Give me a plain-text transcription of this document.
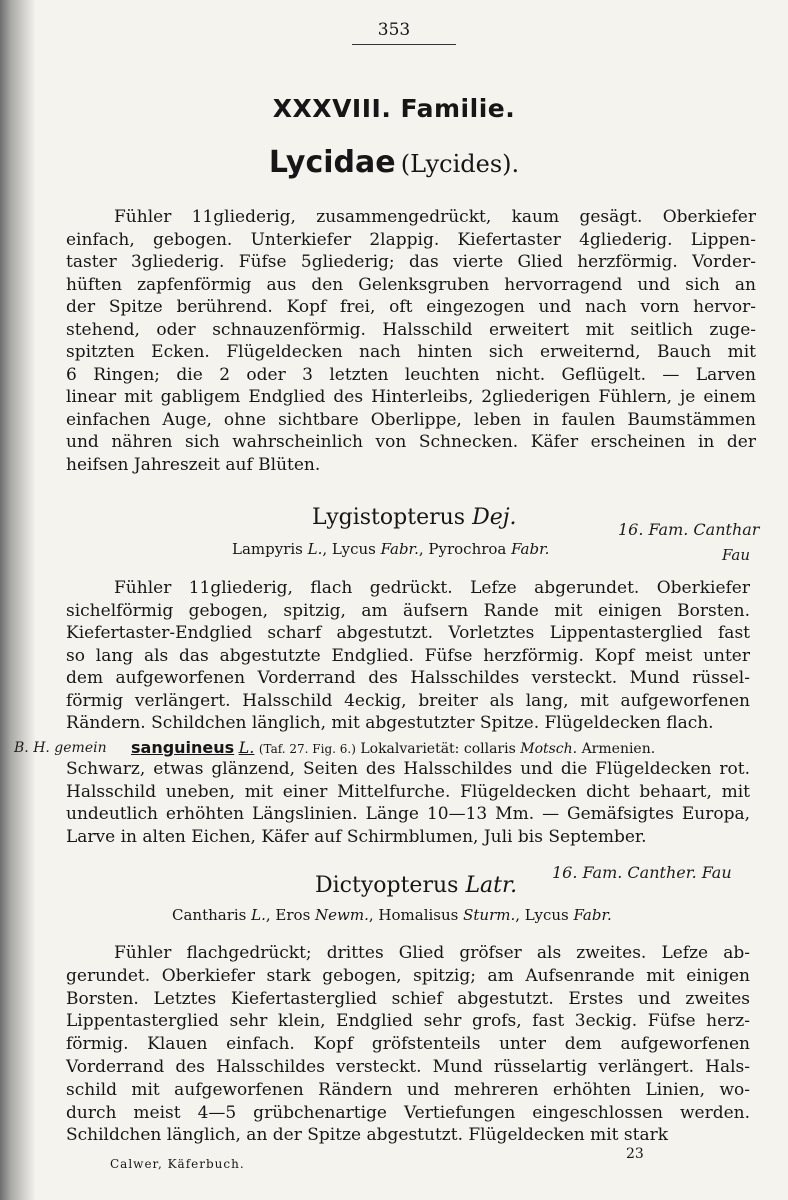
353
XXXVIII. Familie.
Lycidae (Lycides).
Fühler 11gliederig, zusammengedrückt, kaum gesägt. Oberkiefer
einfach, gebogen. Unterkiefer 2lappig. Kiefertaster 4gliederig. Lippen-
taster 3gliederig. Füfse 5gliederig; das vierte Glied herzförmig. Vorder-
hüften zapfenförmig aus den Gelenksgruben hervorragend und sich an
der Spitze berührend. Kopf frei, oft eingezogen und nach vorn hervor-
stehend, oder schnauzenförmig. Halsschild erweitert mit seitlich zuge-
spitzten Ecken. Flügeldecken nach hinten sich erweiternd, Bauch mit
6 Ringen; die 2 oder 3 letzten leuchten nicht. Geflügelt. — Larven
linear mit gabligem Endglied des Hinterleibs, 2gliederigen Fühlern, je einem
einfachen Auge, ohne sichtbare Oberlippe, leben in faulen Baumstämmen
und nähren sich wahrscheinlich von Schnecken. Käfer erscheinen in der
heifsen Jahreszeit auf Blüten.
Lygistopterus Dej.
Lampyris L., Lycus Fabr., Pyrochroa Fabr.
16. Fam. Canthar
Fau
Fühler 11gliederig, flach gedrückt. Lefze abgerundet. Oberkiefer
sichelförmig gebogen, spitzig, am äufsern Rande mit einigen Borsten.
Kiefertaster-Endglied scharf abgestutzt. Vorletztes Lippentasterglied fast
so lang als das abgestutzte Endglied. Füfse herzförmig. Kopf meist unter
dem aufgeworfenen Vorderrand des Halsschildes versteckt. Mund rüssel-
förmig verlängert. Halsschild 4eckig, breiter als lang, mit aufgeworfenen
Rändern. Schildchen länglich, mit abgestutzter Spitze. Flügeldecken flach.
B. H. gemein sanguineus L. (Taf. 27. Fig. 6.) Lokalvarietät: collaris Motsch. Armenien.
Schwarz, etwas glänzend, Seiten des Halsschildes und die Flügeldecken rot.
Halsschild uneben, mit einer Mittelfurche. Flügeldecken dicht behaart, mit
undeutlich erhöhten Längslinien. Länge 10—13 Mm. — Gemäfsigtes Europa,
Larve in alten Eichen, Käfer auf Schirmblumen, Juli bis September.
Dictyopterus Latr.
16. Fam. Canther. Fau
Cantharis L., Eros Newm., Homalisus Sturm., Lycus Fabr.
Fühler flachgedrückt; drittes Glied gröfser als zweites. Lefze ab-
gerundet. Oberkiefer stark gebogen, spitzig; am Aufsenrande mit einigen
Borsten. Letztes Kiefertasterglied schief abgestutzt. Erstes und zweites
Lippentasterglied sehr klein, Endglied sehr grofs, fast 3eckig. Füfse herz-
förmig. Klauen einfach. Kopf gröfstenteils unter dem aufgeworfenen
Vorderrand des Halsschildes versteckt. Mund rüsselartig verlängert. Hals-
schild mit aufgeworfenen Rändern und mehreren erhöhten Linien, wo-
durch meist 4—5 grübchenartige Vertiefungen eingeschlossen werden.
Schildchen länglich, an der Spitze abgestutzt. Flügeldecken mit stark
Calwer, Käferbuch.
23
